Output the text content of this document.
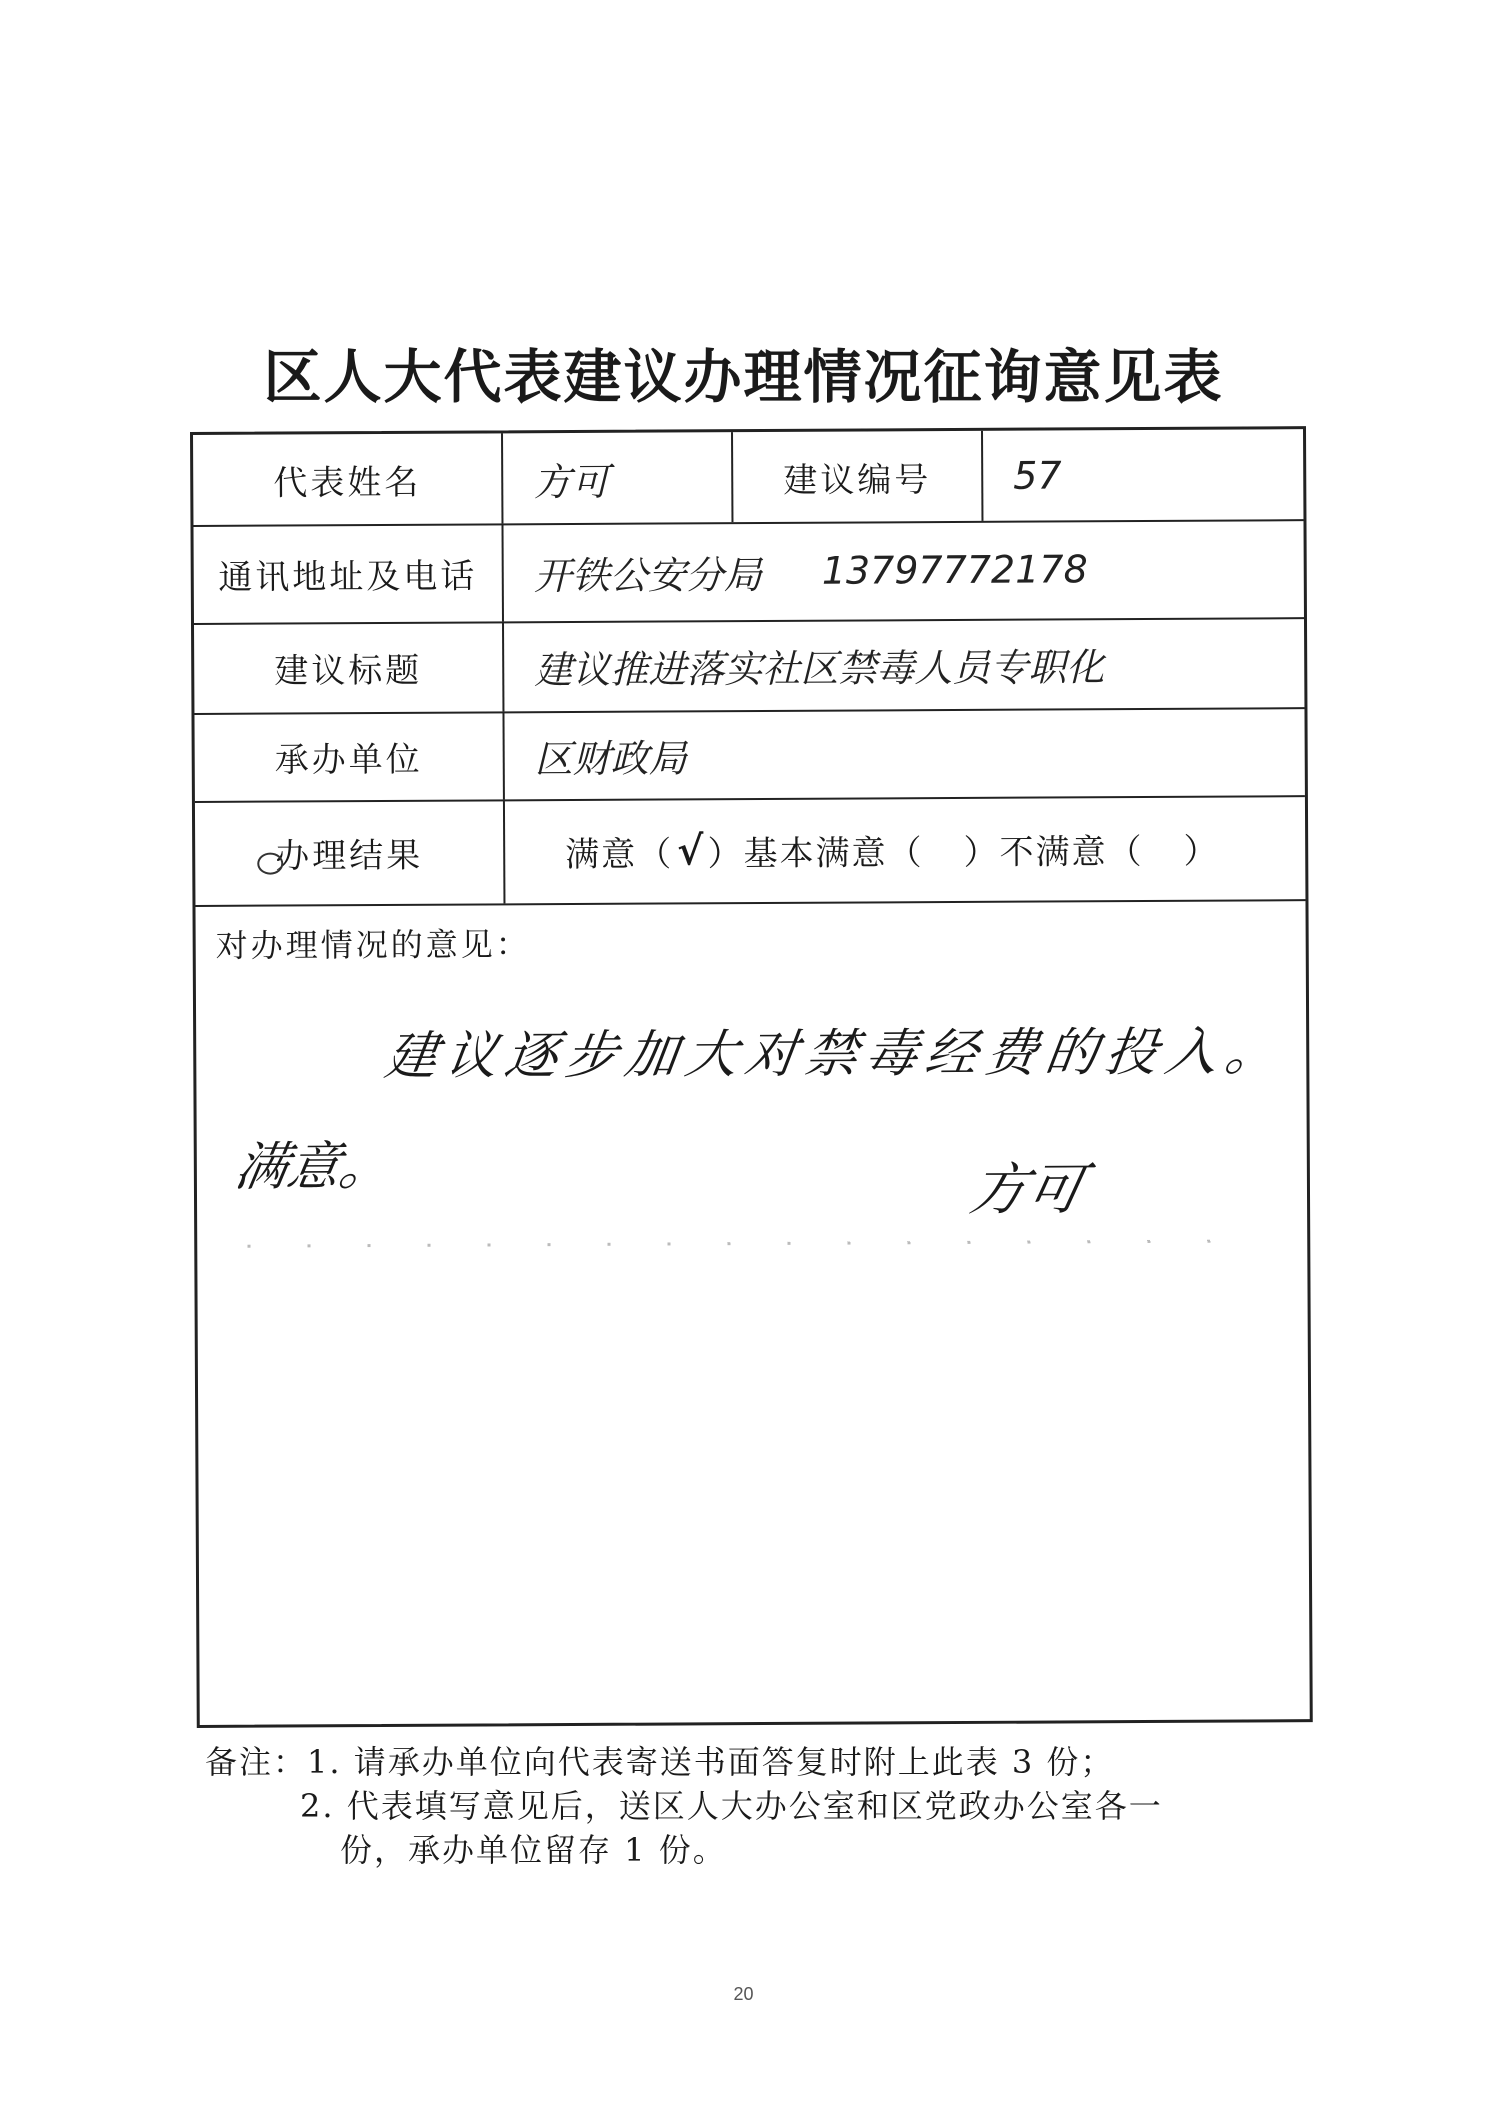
区人大代表建议办理情况征询意见表
代表姓名	方可	建议编号	57
通讯地址及电话	开铁公安分局 13797772178
建议标题	建议推进落实社区禁毒人员专职化
承办单位	区财政局
办理结果	满意（ √ ）基本满意（	）不满意（	）
对办理情况的意见：
建议逐步加大对禁毒经费的投入。
满意。	方可
备注：1. 请承办单位向代表寄送书面答复时附上此表 3 份；
2. 代表填写意见后，送区人大办公室和区党政办公室各一
份，承办单位留存 1 份。
20
